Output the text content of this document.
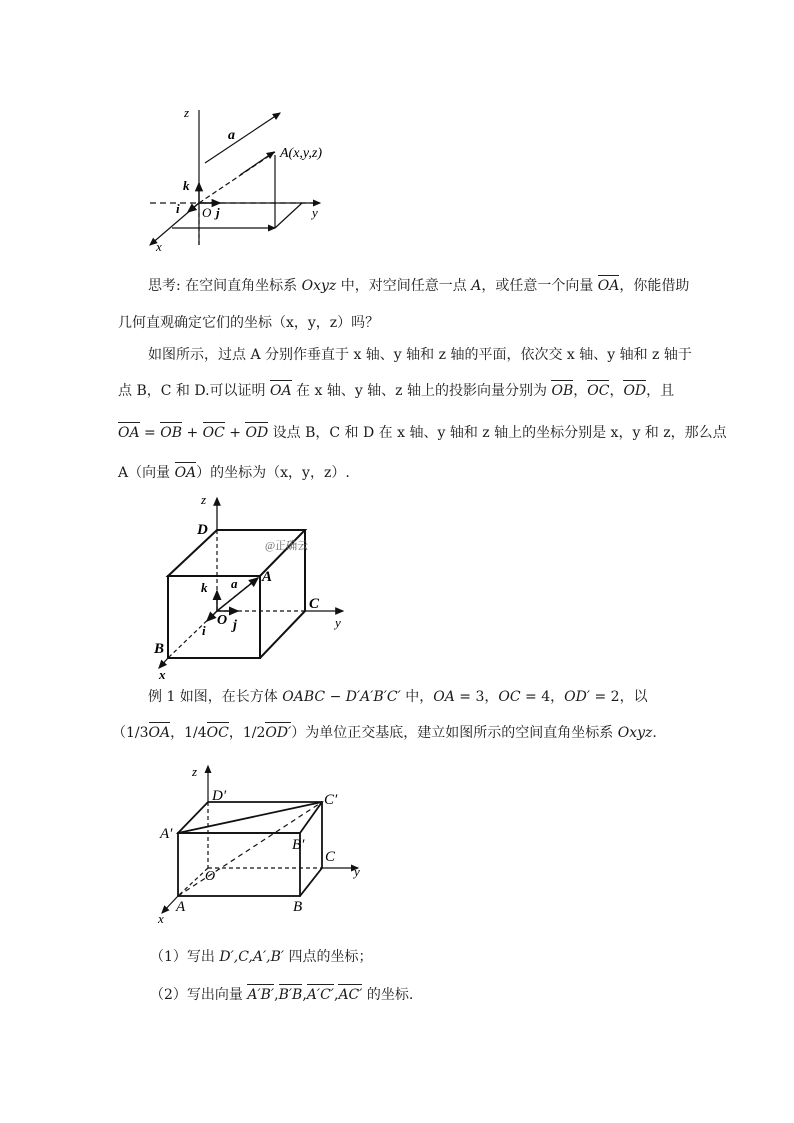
z
y
x
a
A(x,y,z)
k
i O j
思考: 在空间直角坐标系 Oxyz 中，对空间任意一点 A，或任意一个向量 OA，你能借助
几何直观确定它们的坐标（x，y，z）吗？
如图所示，过点 A 分别作垂直于 x 轴、y 轴和 z 轴的平面，依次交 x 轴、y 轴和 z 轴于
点 B，C 和 D.可以证明 OA 在 x 轴、y 轴、z 轴上的投影向量分别为 OB，OC，OD，且
OA = OB + OC + OD 设点 B，C 和 D 在 x 轴、y 轴和 z 轴上的坐标分别是 x，y 和 z，那么点
A（向量 OA）的坐标为（x，y，z）.
z
D
A
C
B
k a
O
i j	y
x
@正确云
例 1 如图，在长方体 OABC − D′A′B′C′ 中，OA = 3，OC = 4，OD′ = 2，以
（1/3OA，1/4OC，1/2OD′）为单位正交基底，建立如图所示的空间直角坐标系 Oxyz.
z
D′	C′
A′
B′
C
O	y
A	B
x
（1）写出 D′,C,A′,B′ 四点的坐标；
（2）写出向量 A′B′,B′B,A′C′,AC′ 的坐标.
